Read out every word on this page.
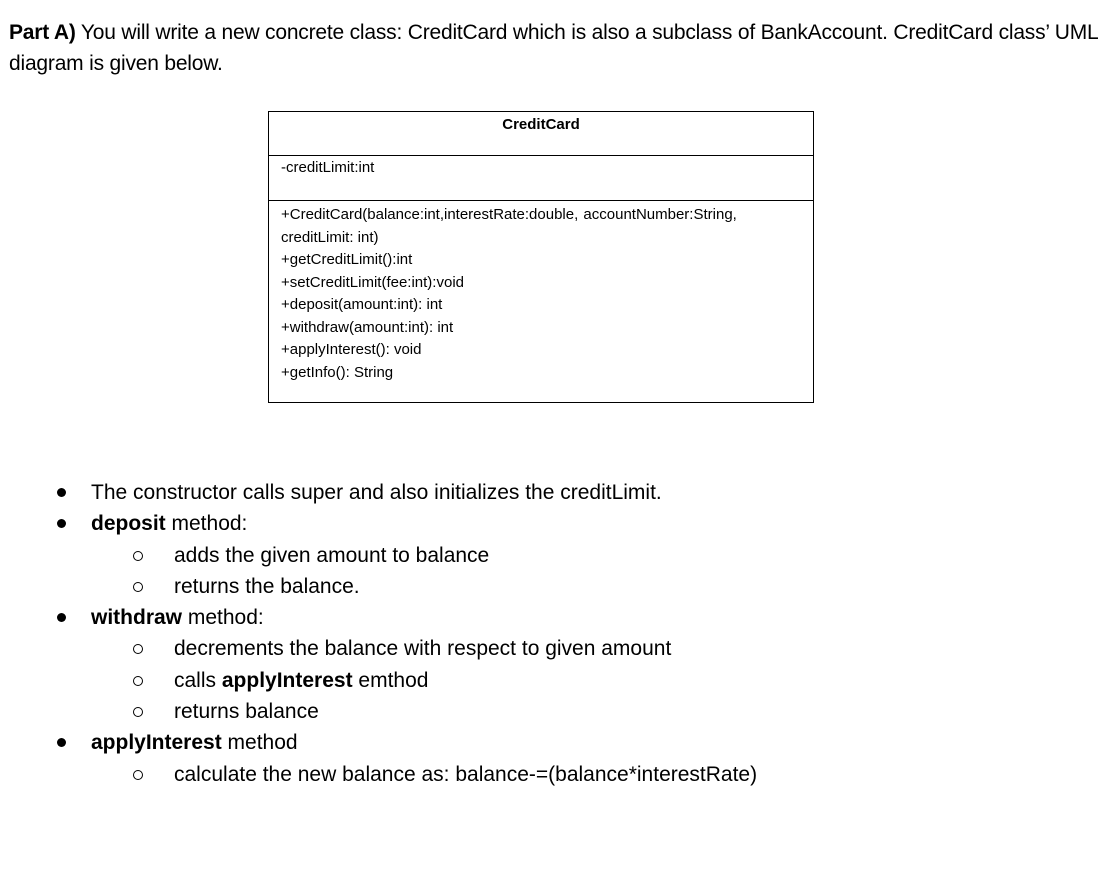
Part A) You will write a new concrete class: CreditCard which is also a subclass of BankAccount. CreditCard class’ UML diagram is given below.
CreditCard
-creditLimit:int
+CreditCard(balance:int,interestRate:double, accountNumber:String,
creditLimit: int)
+getCreditLimit():int
+setCreditLimit(fee:int):void
+deposit(amount:int): int
+withdraw(amount:int): int
+applyInterest(): void
+getInfo(): String
The constructor calls super and also initializes the creditLimit.
deposit method:
adds the given amount to balance
returns the balance.
withdraw method:
decrements the balance with respect to given amount
calls applyInterest emthod
returns balance
applyInterest method
calculate the new balance as: balance-=(balance*interestRate)
